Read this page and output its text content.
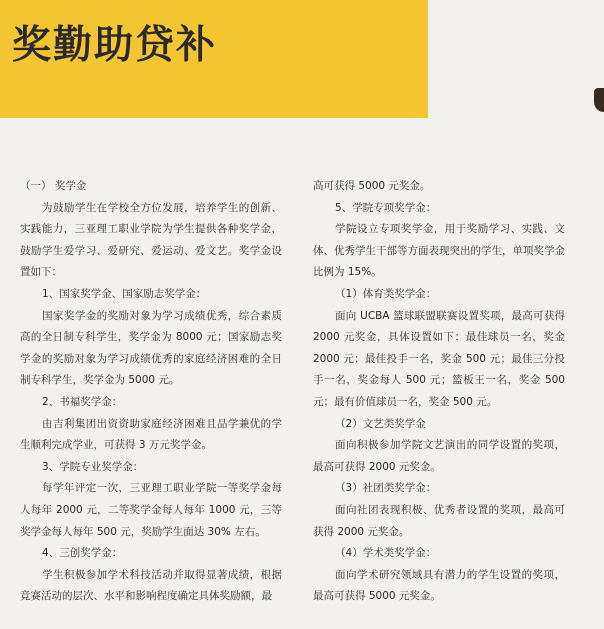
奖勤助贷补

（一） 奖学金

为鼓励学生在学校全方位发展，培养学生的创新、实践能力，三亚理工职业学院为学生提供各种奖学金，鼓励学生爱学习、爱研究、爱运动、爱文艺。奖学金设置如下：

1、国家奖学金、国家励志奖学金：

国家奖学金的奖励对象为学习成绩优秀，综合素质高的全日制专科学生，奖学金为 8000 元；国家励志奖学金的奖励对象为学习成绩优秀的家庭经济困难的全日制专科学生，奖学金为 5000 元。

2、书福奖学金：

由吉利集团出资资助家庭经济困难且品学兼优的学生顺利完成学业，可获得 3 万元奖学金。

3、学院专业奖学金：

每学年评定一次，三亚理工职业学院一等奖学金每人每年 2000 元，二等奖学金每人每年 1000 元，三等奖学金每人每年 500 元，奖励学生面达 30% 左右。

4、三创奖学金：

学生积极参加学术科技活动并取得显著成绩，根据竞赛活动的层次、水平和影响程度确定具体奖励额，最

高可获得 5000 元奖金。

5、学院专项奖学金：

学院设立专项奖学金，用于奖励学习、实践、文体、优秀学生干部等方面表现突出的学生，单项奖学金比例为 15%。

（1）体育类奖学金：

面向 UCBA 篮球联盟联赛设置奖项，最高可获得 2000 元奖金，具体设置如下：最佳球员一名，奖金 2000 元；最佳投手一名，奖金 500 元；最佳三分投手一名，奖金每人 500 元；篮板王一名，奖金 500 元；最有价值球员一名，奖金 500 元。

（2）文艺类奖学金

面向积极参加学院文艺演出的同学设置的奖项，最高可获得 2000 元奖金。

（3）社团类奖学金：

面向社团表现积极、优秀者设置的奖项，最高可获得 2000 元奖金。

（4）学术类奖学金：

面向学术研究领域具有潜力的学生设置的奖项，最高可获得 5000 元奖金。
